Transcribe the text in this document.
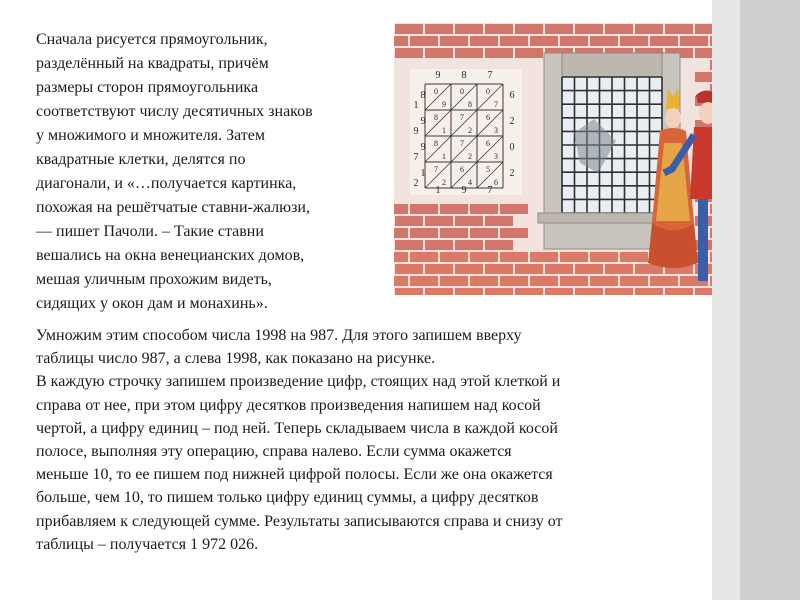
Сначала рисуется прямоугольник,
разделённый на квадраты, причём
размеры сторон прямоугольника
соответствуют числу десятичных знаков
у множимого и множителя. Затем
квадратные клетки, делятся по
диагонали, и «…получается картинка,
похожая на решётчатые ставни-жалюзи,
— пишет Пачоли. – Такие ставни
вешались на окна венецианских домов,
мешая уличным прохожим видеть,
сидящих у окон дам и монахинь».
9 8 7
8
9
9
1
1
9
7
2
6
2
0
2
1 9 7
0
9
0
8
0
7
8
1
7
2
6
3
8
1
7
2
6
3
7
2
6
4
5
6
Умножим этим способом числа 1998 на 987. Для этого запишем вверху
таблицы число 987, а слева 1998, как показано на рисунке.
В каждую строчку запишем произведение цифр, стоящих над этой клеткой и
справа от нее, при этом цифру десятков произведения напишем над косой
чертой, а цифру единиц – под ней. Теперь складываем числа в каждой косой
полосе, выполняя эту операцию, справа налево. Если сумма окажется
меньше 10, то ее пишем под нижней цифрой полосы. Если же она окажется
больше, чем 10, то пишем только цифру единиц суммы, а цифру десятков
прибавляем к следующей сумме. Результаты записываются справа и снизу от
таблицы – получается 1 972 026.
